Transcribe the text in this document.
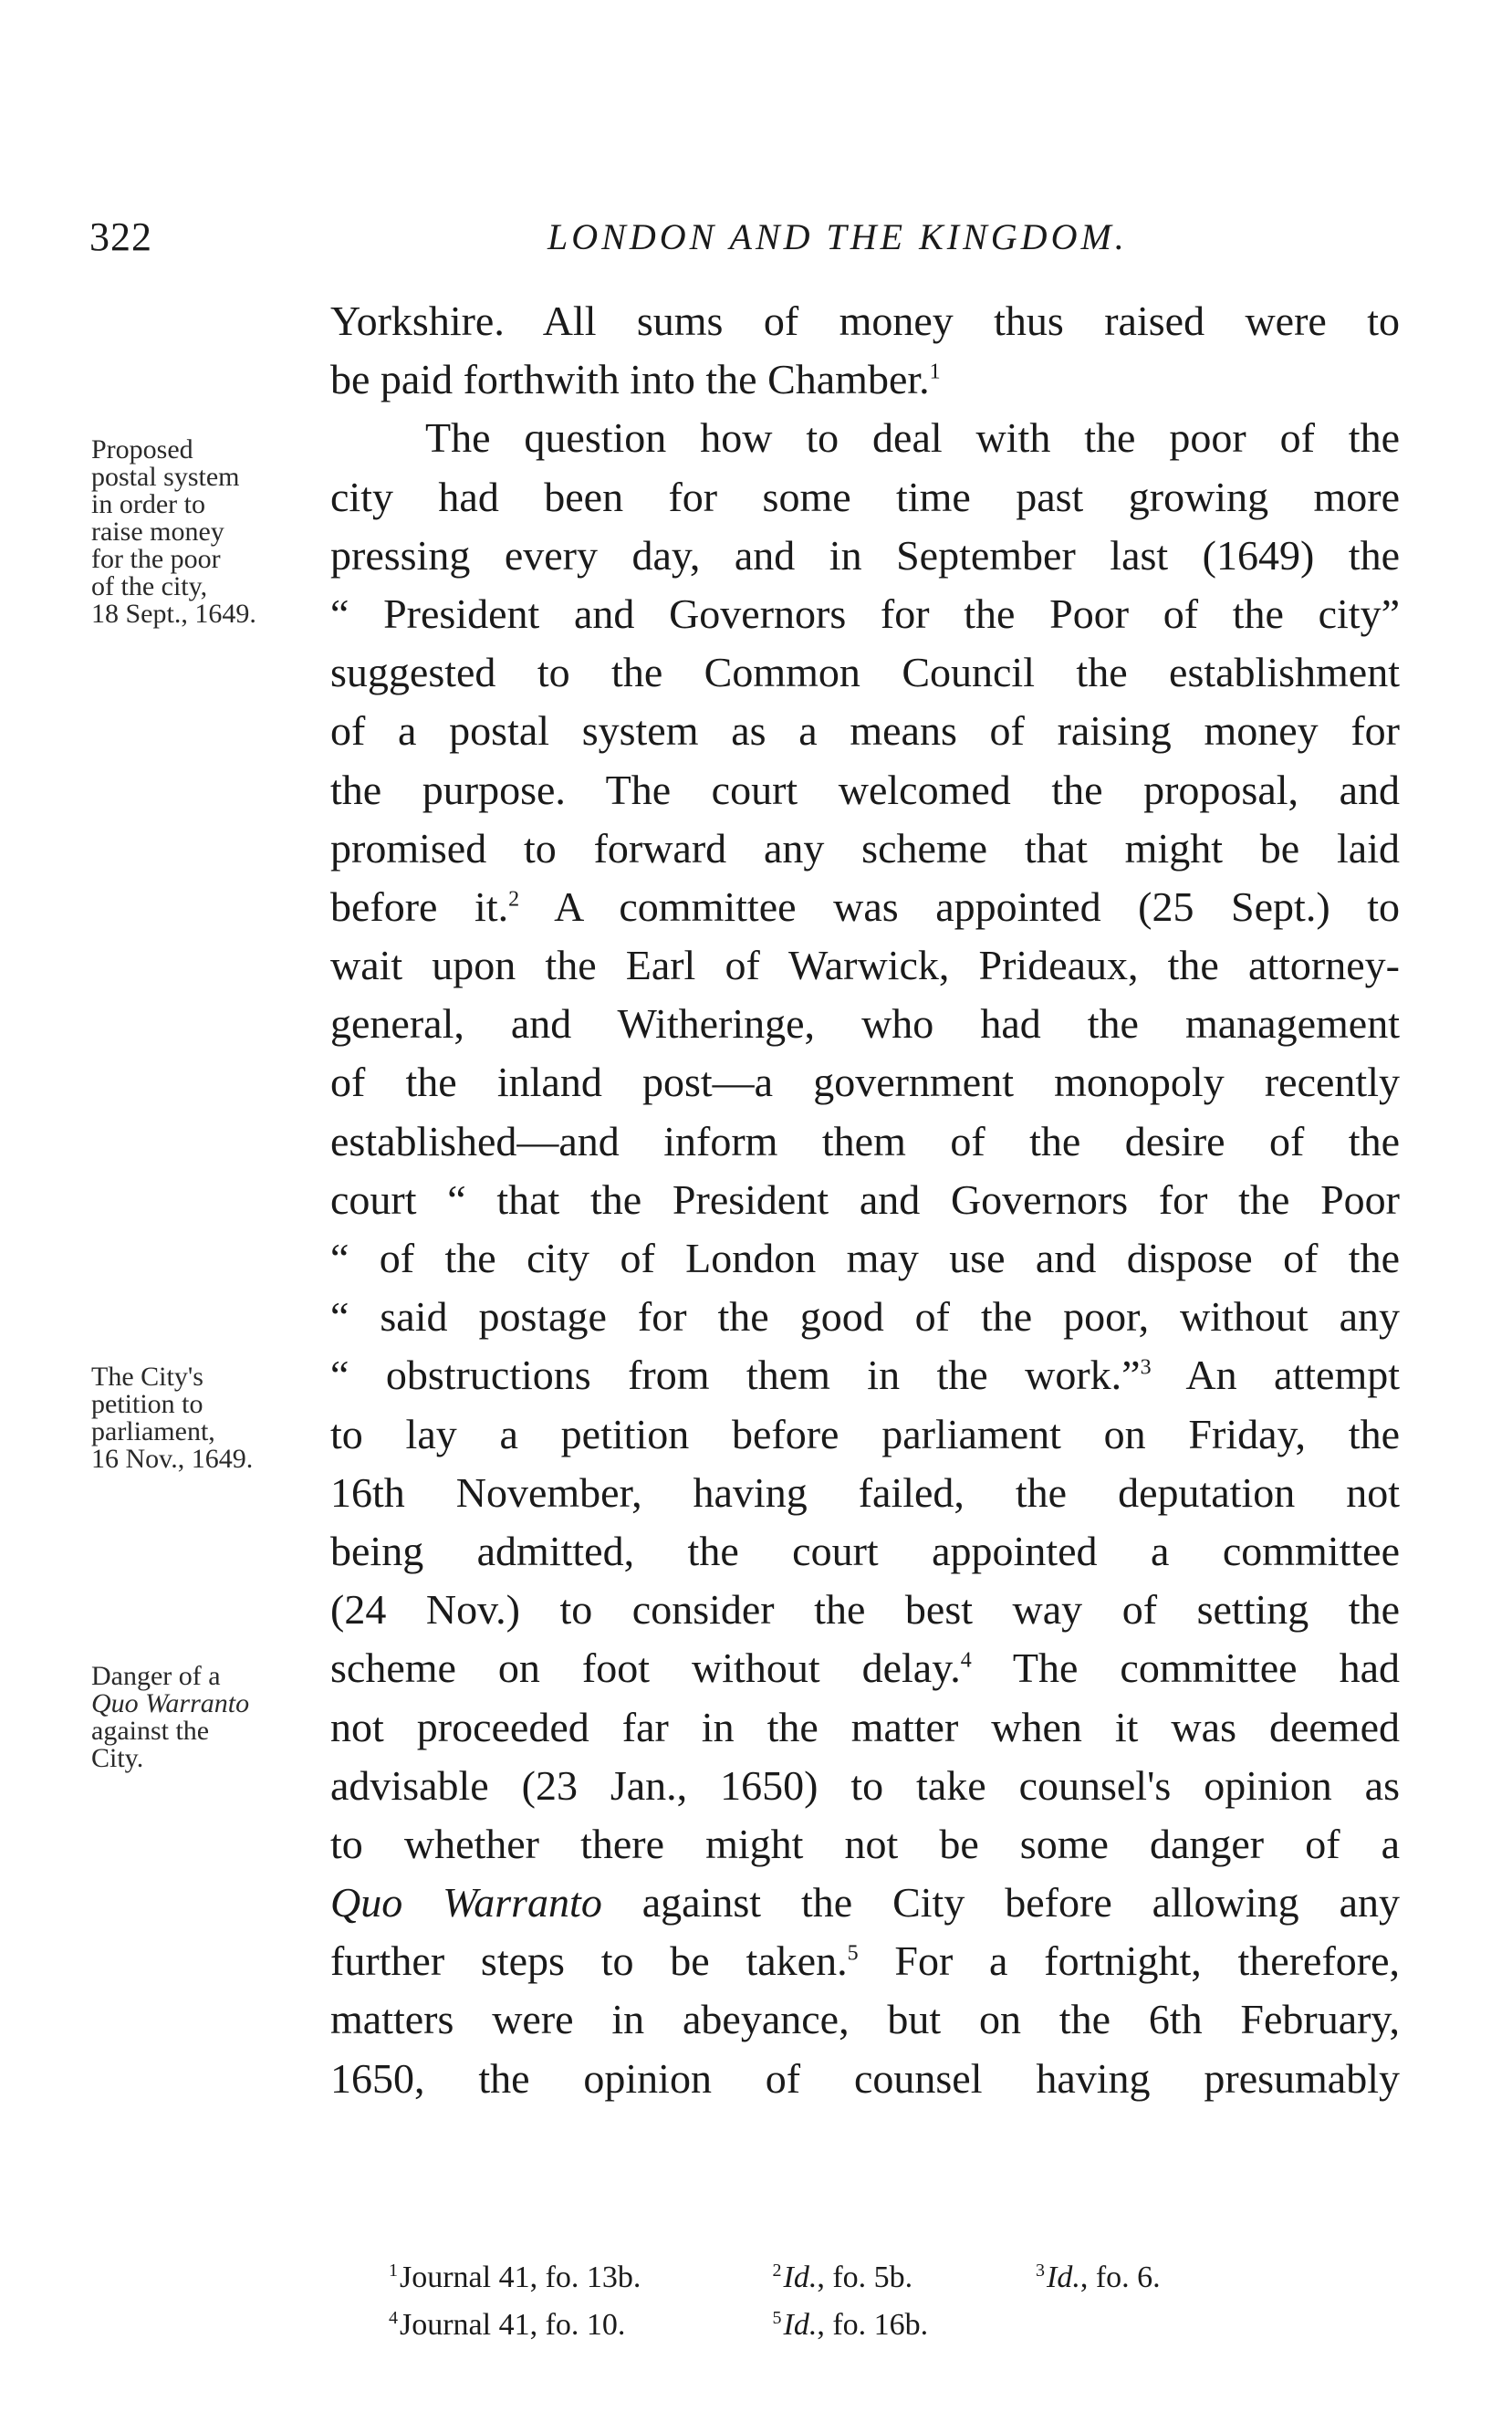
322	LONDON AND THE KINGDOM.
Proposed
postal system
in order to
raise money
for the poor
of the city,
18 Sept., 1649.
The City's
petition to
parliament,
16 Nov., 1649.
Danger of a
Quo Warranto
against the
City.
Yorkshire. All sums of money thus raised were to
be paid forthwith into the Chamber.$^1$
The question how to deal with the poor of the
city had been for some time past growing more
pressing every day, and in September last (1649) the
“ President and Governors for the Poor of the city”
suggested to the Common Council the establishment
of a postal system as a means of raising money for
the purpose. The court welcomed the proposal, and
promised to forward any scheme that might be laid
before it.$^2$ A committee was appointed (25 Sept.) to
wait upon the Earl of Warwick, Prideaux, the attorney-
general, and Witheringe, who had the management
of the inland post—a government monopoly recently
established—and inform them of the desire of the
court “ that the President and Governors for the Poor
“ of the city of London may use and dispose of the
“ said postage for the good of the poor, without any
“ obstructions from them in the work.”$^3$ An attempt
to lay a petition before parliament on Friday, the
16th November, having failed, the deputation not
being admitted, the court appointed a committee
(24 Nov.) to consider the best way of setting the
scheme on foot without delay.$^4$ The committee had
not proceeded far in the matter when it was deemed
advisable (23 Jan., 1650) to take counsel's opinion as
to whether there might not be some danger of a
Quo Warranto against the City before allowing any
further steps to be taken.$^5$ For a fortnight, therefore,
matters were in abeyance, but on the 6th February,
1650, the opinion of counsel having presumably
$^1$Journal 41, fo. 13b.	$^2$Id., fo. 5b.	$^3$Id., fo. 6.
$^4$Journal 41, fo. 10.	$^5$Id., fo. 16b.
